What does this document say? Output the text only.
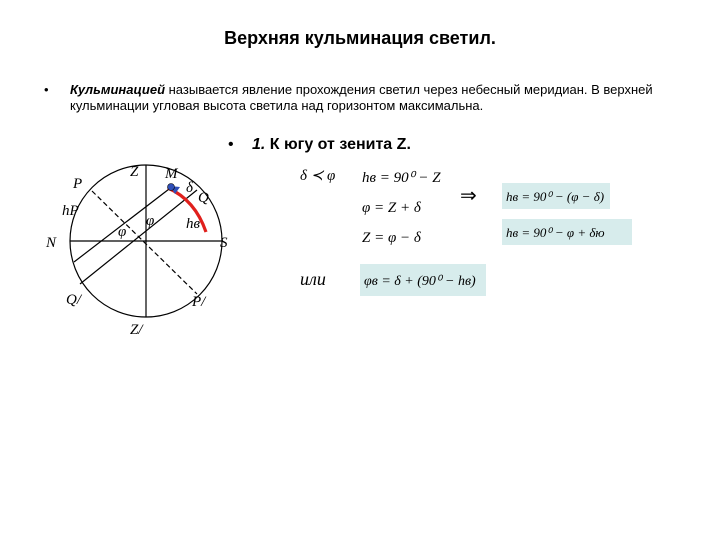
Верхняя кульминация светил.
• Кульминацией называется явление прохождения светил через небесный меридиан. В верхней кульминации угловая высота светила над горизонтом максимальна.
• 1. К югу от зенита Z.
Z M
δ
Q
P
hP
φ
φ	hв
N	S
Q/	P/
Z/
δ ≺ φ hв = 90⁰ − Z
φ = Z + δ
Z = φ − δ
⇒ hв = 90⁰ − (φ − δ)
hв = 90⁰ − φ + δю
или	φв = δ + (90⁰ − hв)
